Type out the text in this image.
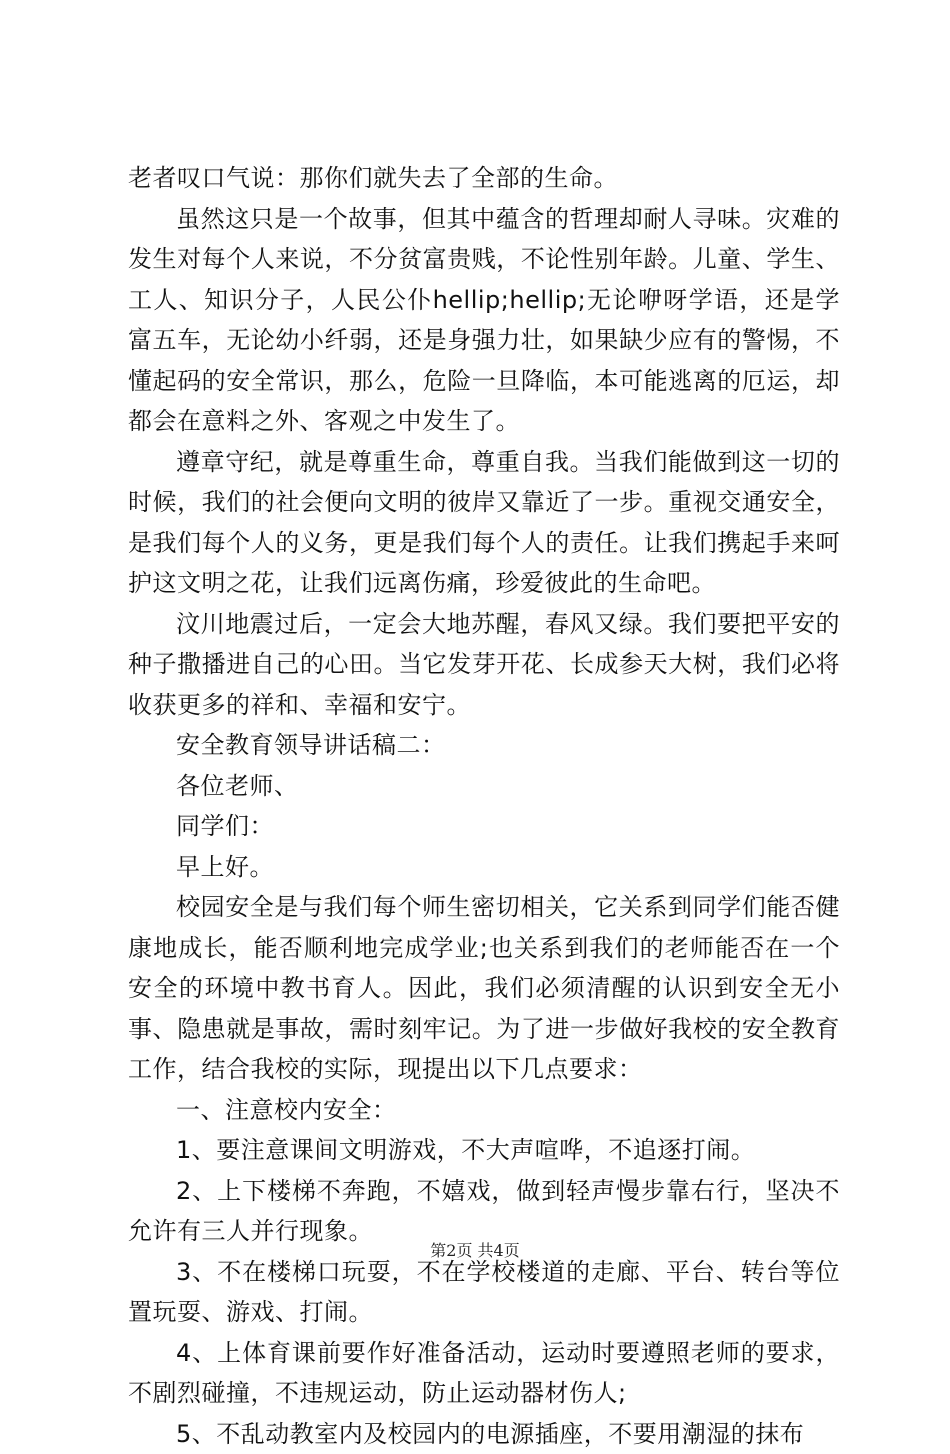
老者叹口气说：那你们就失去了全部的生命。

虽然这只是一个故事，但其中蕴含的哲理却耐人寻味。灾难的发生对每个人来说，不分贫富贵贱，不论性别年龄。儿童、学生、工人、知识分子，人民公仆hellip;hellip;无论咿呀学语，还是学富五车，无论幼小纤弱，还是身强力壮，如果缺少应有的警惕，不懂起码的安全常识，那么，危险一旦降临，本可能逃离的厄运，却都会在意料之外、客观之中发生了。

遵章守纪，就是尊重生命，尊重自我。当我们能做到这一切的时候，我们的社会便向文明的彼岸又靠近了一步。重视交通安全，是我们每个人的义务，更是我们每个人的责任。让我们携起手来呵护这文明之花，让我们远离伤痛，珍爱彼此的生命吧。

汶川地震过后，一定会大地苏醒，春风又绿。我们要把平安的种子撒播进自己的心田。当它发芽开花、长成参天大树，我们必将收获更多的祥和、幸福和安宁。

安全教育领导讲话稿二：

各位老师、

同学们：

早上好。

校园安全是与我们每个师生密切相关，它关系到同学们能否健康地成长，能否顺利地完成学业;也关系到我们的老师能否在一个安全的环境中教书育人。因此，我们必须清醒的认识到安全无小事、隐患就是事故，需时刻牢记。为了进一步做好我校的安全教育工作，结合我校的实际，现提出以下几点要求：

一、注意校内安全：

1、要注意课间文明游戏，不大声喧哗，不追逐打闹。

2、上下楼梯不奔跑，不嬉戏，做到轻声慢步靠右行，坚决不允许有三人并行现象。

3、不在楼梯口玩耍，不在学校楼道的走廊、平台、转台等位置玩耍、游戏、打闹。

4、上体育课前要作好准备活动，运动时要遵照老师的要求，不剧烈碰撞，不违规运动，防止运动器材伤人;

5、不乱动教室内及校园内的电源插座，不要用潮湿的抹布

第2页 共4页
